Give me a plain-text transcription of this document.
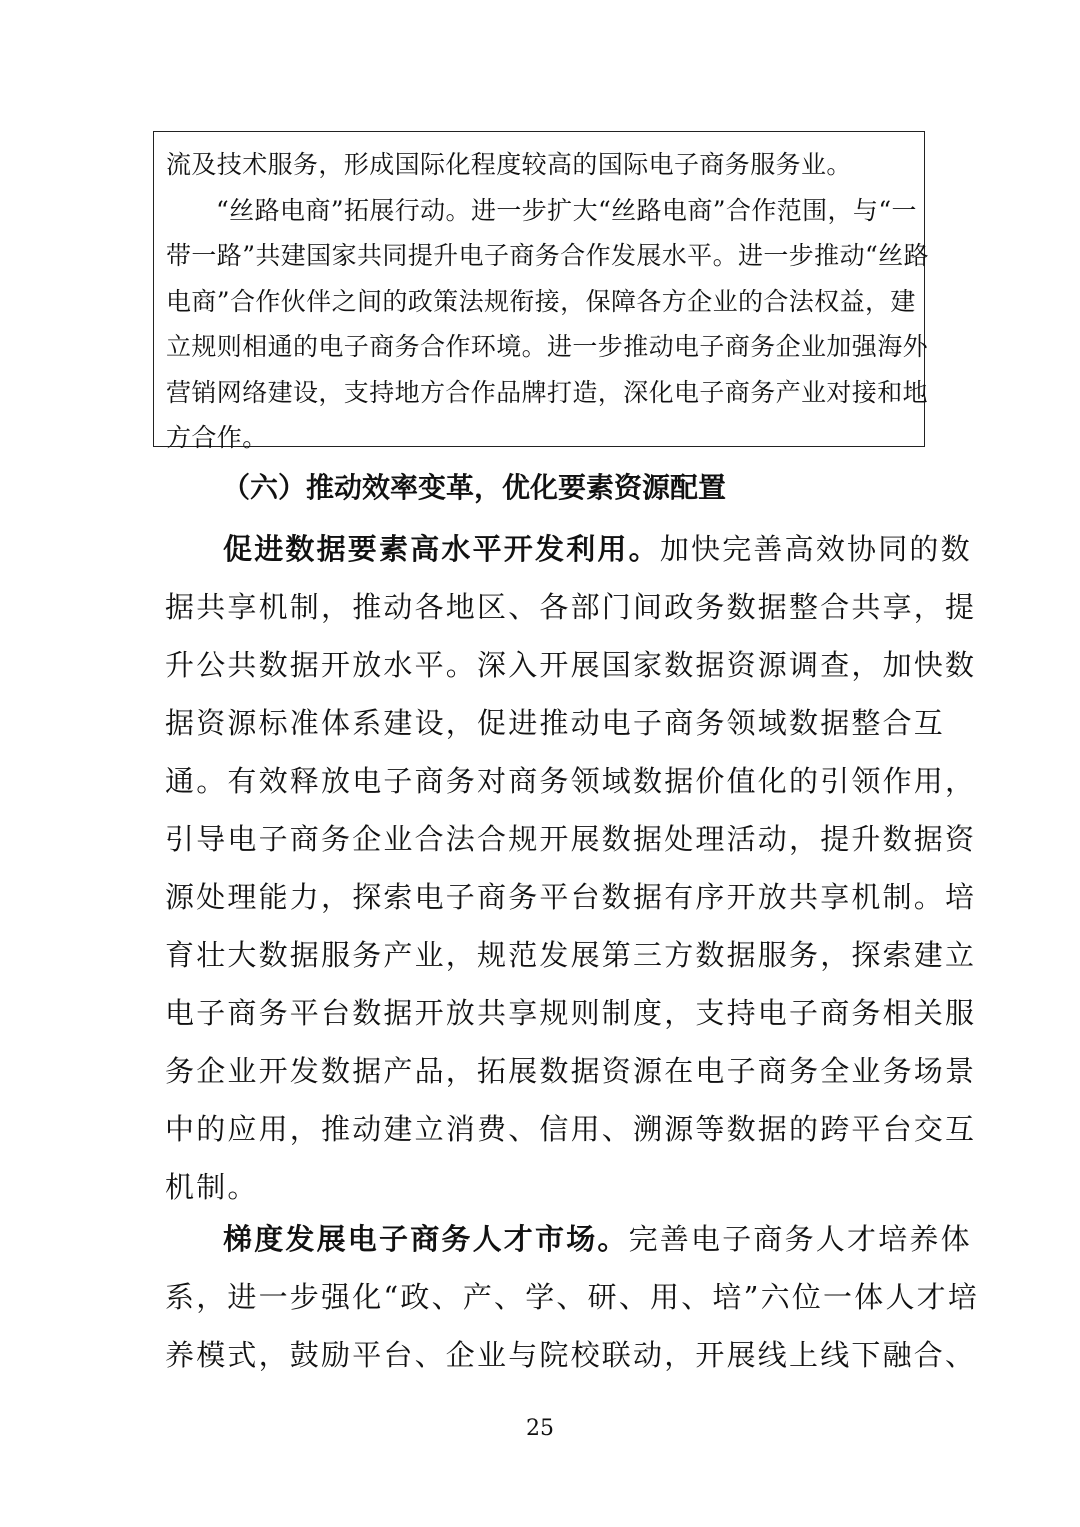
流及技术服务，形成国际化程度较高的国际电子商务服务业。
“丝路电商”拓展行动。进一步扩大“丝路电商”合作范围，与“一
带一路”共建国家共同提升电子商务合作发展水平。进一步推动“丝路
电商”合作伙伴之间的政策法规衔接，保障各方企业的合法权益，建
立规则相通的电子商务合作环境。进一步推动电子商务企业加强海外
营销网络建设，支持地方合作品牌打造，深化电子商务产业对接和地
方合作。
（六）推动效率变革，优化要素资源配置
促进数据要素高水平开发利用。加快完善高效协同的数
据共享机制，推动各地区、各部门间政务数据整合共享，提
升公共数据开放水平。深入开展国家数据资源调查，加快数
据资源标准体系建设，促进推动电子商务领域数据整合互
通。有效释放电子商务对商务领域数据价值化的引领作用，
引导电子商务企业合法合规开展数据处理活动，提升数据资
源处理能力，探索电子商务平台数据有序开放共享机制。培
育壮大数据服务产业，规范发展第三方数据服务，探索建立
电子商务平台数据开放共享规则制度，支持电子商务相关服
务企业开发数据产品，拓展数据资源在电子商务全业务场景
中的应用，推动建立消费、信用、溯源等数据的跨平台交互
机制。
梯度发展电子商务人才市场。完善电子商务人才培养体
系，进一步强化“政、产、学、研、用、培”六位一体人才培
养模式，鼓励平台、企业与院校联动，开展线上线下融合、
25
